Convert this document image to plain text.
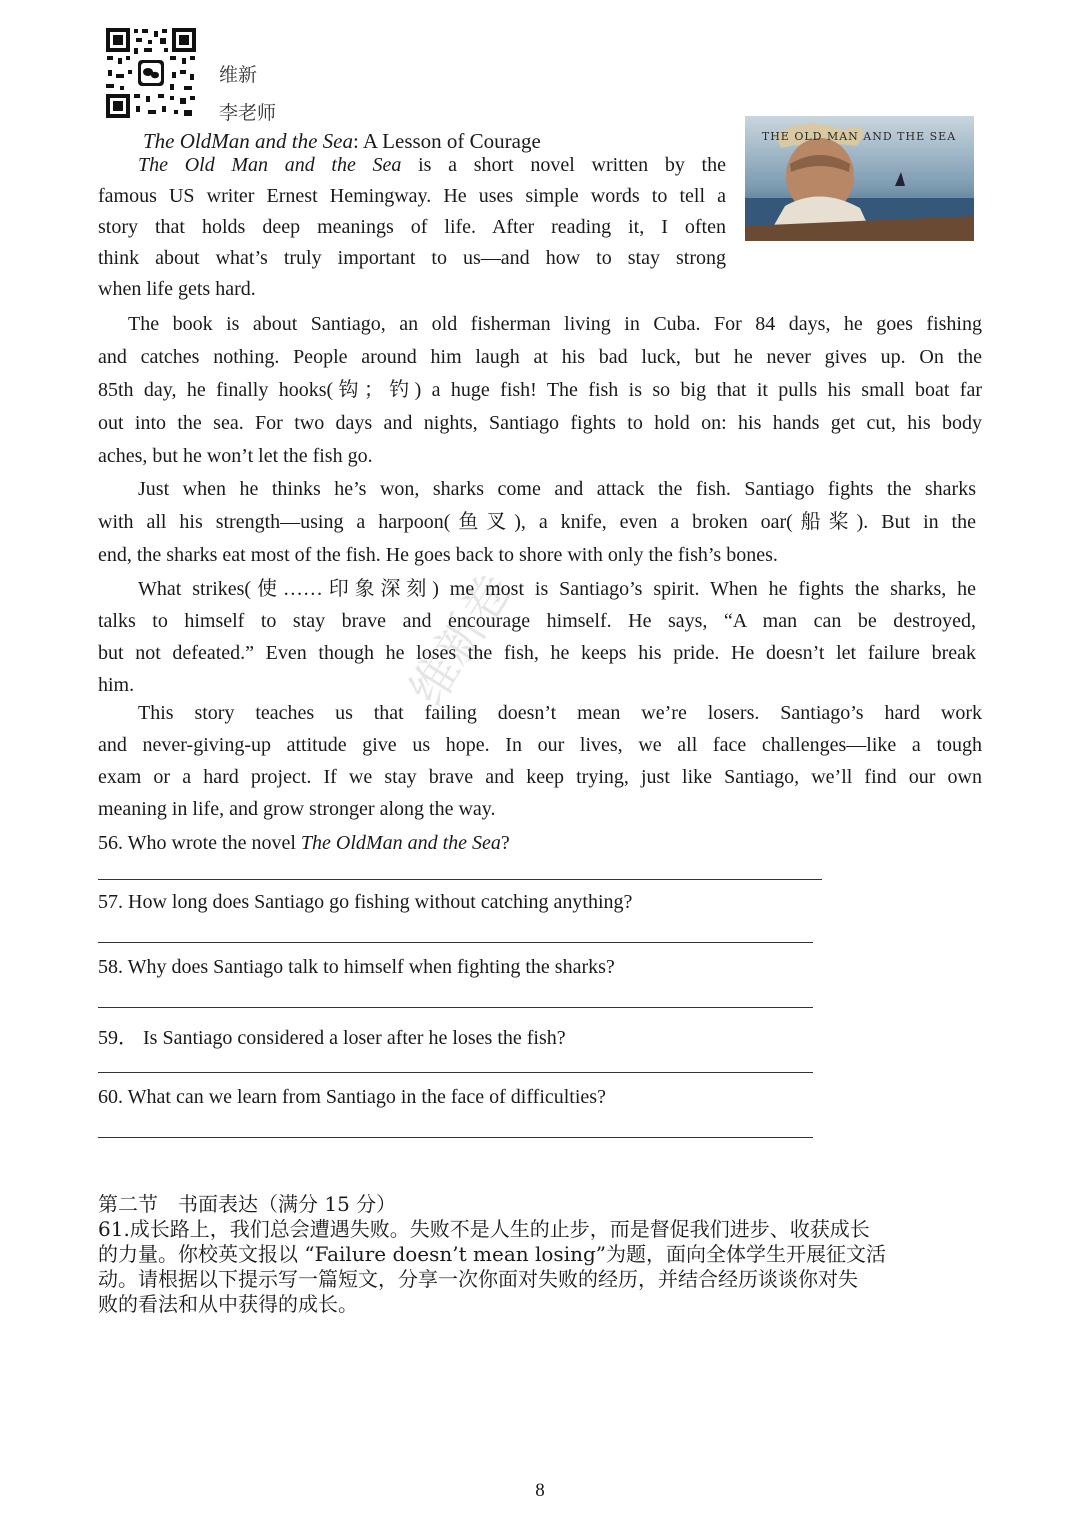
维新
李老师
维新卷
The OldMan and the Sea: A Lesson of Courage	THE OLD MAN AND THE SEA
The Old Man and the Sea is a short novel written by the
famous US writer Ernest Hemingway. He uses simple words to tell a
story that holds deep meanings of life. After reading it, I often
think about what’s truly important to us—and how to stay strong
when life gets hard.
The book is about Santiago, an old fisherman living in Cuba. For 84 days, he goes fishing
and catches nothing. People around him laugh at his bad luck, but he never gives up. On the
85th day, he finally hooks(钩；钓) a huge fish! The fish is so big that it pulls his small boat far
out into the sea. For two days and nights, Santiago fights to hold on: his hands get cut, his body
aches, but he won’t let the fish go.
Just when he thinks he’s won, sharks come and attack the fish. Santiago fights the sharks
with all his strength—using a harpoon(鱼叉), a knife, even a broken oar(船桨). But in the
end, the sharks eat most of the fish. He goes back to shore with only the fish’s bones.
What strikes(使……印象深刻) me most is Santiago’s spirit. When he fights the sharks, he
talks to himself to stay brave and encourage himself. He says, “A man can be destroyed,
but not defeated.” Even though he loses the fish, he keeps his pride. He doesn’t let failure break
him.
This story teaches us that failing doesn’t mean we’re losers. Santiago’s hard work
and never-giving-up attitude give us hope. In our lives, we all face challenges—like a tough
exam or a hard project. If we stay brave and keep trying, just like Santiago, we’ll find our own
meaning in life, and grow stronger along the way.
56. Who wrote the novel The OldMan and the Sea?
57. How long does Santiago go fishing without catching anything?
58. Why does Santiago talk to himself when fighting the sharks?
59． Is Santiago considered a loser after he loses the fish?
60. What can we learn from Santiago in the face of difficulties?
第二节　书面表达（满分 15 分）
61.成长路上，我们总会遭遇失败。失败不是人生的止步，而是督促我们进步、收获成长
的力量。你校英文报以 “Failure doesn’t mean losing”为题，面向全体学生开展征文活
动。请根据以下提示写一篇短文，分享一次你面对失败的经历，并结合经历谈谈你对失
败的看法和从中获得的成长。
8
